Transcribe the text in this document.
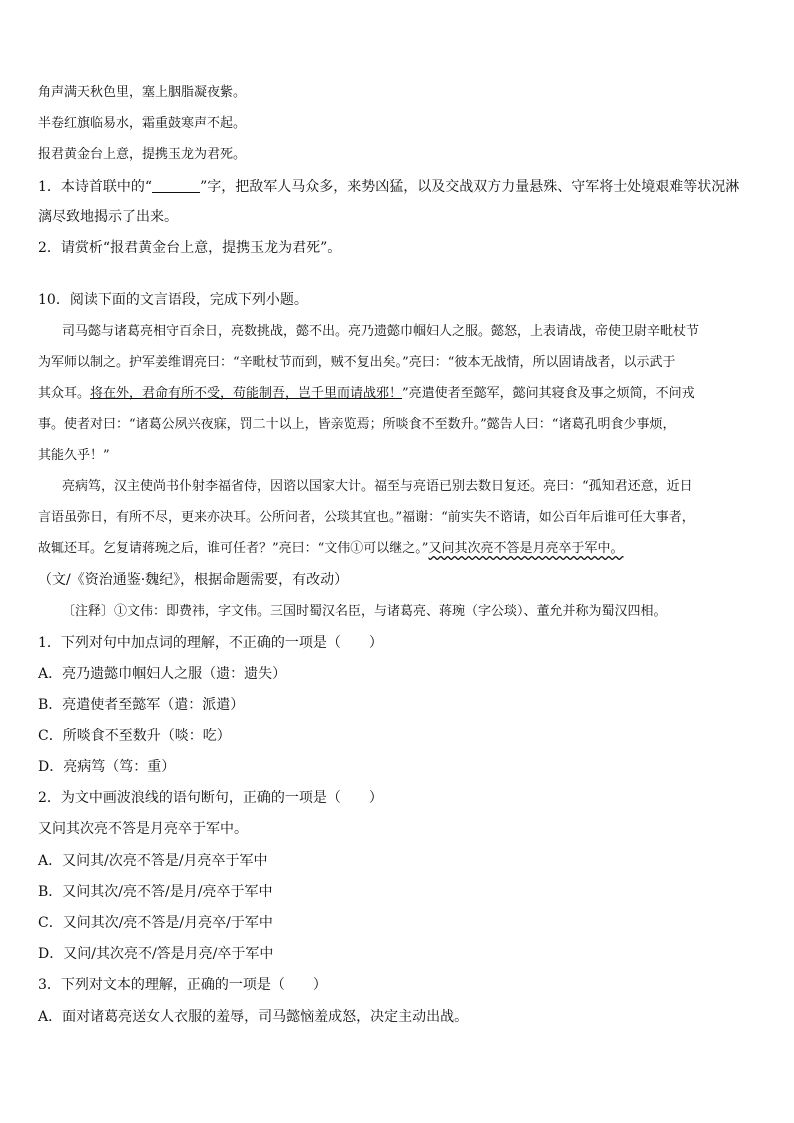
角声满天秋色里，塞上胭脂凝夜紫。
半卷红旗临易水，霜重鼓寒声不起。
报君黄金台上意，提携玉龙为君死。
1．本诗首联中的“	”字，把敌军人马众多，来势凶猛，以及交战双方力量悬殊、守军将士处境艰难等状况淋
漓尽致地揭示了出来。
2．请赏析“报君黄金台上意，提携玉龙为君死”。
10．阅读下面的文言语段，完成下列小题。
司马懿与诸葛亮相守百余日，亮数挑战，懿不出。亮乃遗懿巾帼妇人之服。懿怒，上表请战，帝使卫尉辛毗杖节
为军师以制之。护军姜维谓亮曰：“辛毗杖节而到，贼不复出矣。”亮曰：“彼本无战情，所以固请战者，以示武于
其众耳。将在外，君命有所不受，苟能制吾，岂千里而请战邪！”亮遣使者至懿军，懿问其寝食及事之烦简，不问戎
事。使者对曰：“诸葛公夙兴夜寐，罚二十以上，皆亲览焉；所啖食不至数升。”懿告人曰：“诸葛孔明食少事烦，
其能久乎！”
亮病笃，汉主使尚书仆射李福省侍，因谘以国家大计。福至与亮语已别去数日复还。亮曰：“孤知君还意，近日
言语虽弥日，有所不尽，更来亦决耳。公所问者，公琰其宜也。”福谢：“前实失不谘请，如公百年后谁可任大事者，
故辄还耳。乞复请蒋琬之后，谁可任者？”亮曰：“文伟①可以继之。”又问其次亮不答是月亮卒于军中。
（文/《资治通鉴·魏纪》，根据命题需要，有改动）
〔注释〕①文伟：即费祎，字文伟。三国时蜀汉名臣，与诸葛亮、蒋琬（字公琰）、董允并称为蜀汉四相。
1．下列对句中加点词的理解，不正确的一项是（　　）
A．亮乃遗懿巾帼妇人之服（遗：遗失）
B．亮遣使者至懿军（遣：派遣）
C．所啖食不至数升（啖：吃）
D．亮病笃（笃：重）
2．为文中画波浪线的语句断句，正确的一项是（　　）
又问其次亮不答是月亮卒于军中。
A．又问其/次亮不答是/月亮卒于军中
B．又问其次/亮不答/是月/亮卒于军中
C．又问其次/亮不答是/月亮卒/于军中
D．又问/其次亮不/答是月亮/卒于军中
3．下列对文本的理解，正确的一项是（　　）
A．面对诸葛亮送女人衣服的羞辱，司马懿恼羞成怒，决定主动出战。
